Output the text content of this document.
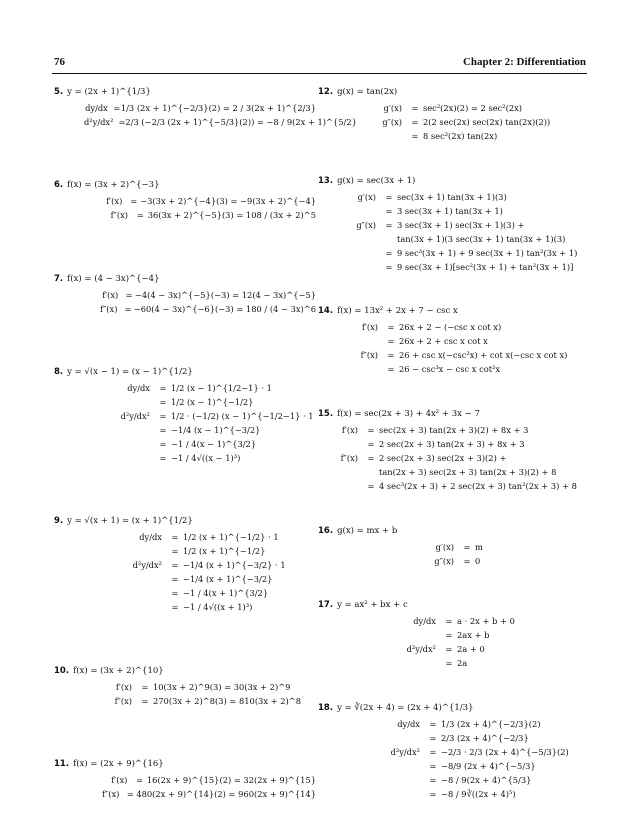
76	Chapter 2: Differentiation
5. y = (2x + 1)^{1/3}
dy/dx = 1/3 (2x + 1)^{−2/3}(2) = 2 / 3(2x + 1)^{2/3}
d²y/dx² = 2/3 (−2/3 (2x + 1)^{−5/3}(2)) = −8 / 9(2x + 1)^{5/2}
6. f(x) = (3x + 2)^{−3}
f′(x) = −3(3x + 2)^{−4}(3) = −9(3x + 2)^{−4}
f″(x)	= 36(3x + 2)^{−5}(3) = 108 / (3x + 2)^5
7. f(x) = (4 − 3x)^{−4}
f′(x) = −4(4 − 3x)^{−5}(−3) = 12(4 − 3x)^{−5}
f″(x) = −60(4 − 3x)^{−6}(−3) = 180 / (4 − 3x)^6
8. y = √(x − 1) = (x − 1)^{1/2}
dy/dx	= 1/2 (x − 1)^{1/2−1} · 1
= 1/2 (x − 1)^{−1/2}
d²y/dx²	= 1/2 · (−1/2) (x − 1)^{−1/2−1} · 1
= −1/4 (x − 1)^{−3/2}
= −1 / 4(x − 1)^{3/2}
= −1 / 4√((x − 1)³)
9. y = √(x + 1) = (x + 1)^{1/2}
dy/dx	= 1/2 (x + 1)^{−1/2} · 1
= 1/2 (x + 1)^{−1/2}
d²y/dx²	= −1/4 (x + 1)^{−3/2} · 1
= −1/4 (x + 1)^{−3/2}
= −1 / 4(x + 1)^{3/2}
= −1 / 4√((x + 1)³)
10. f(x) = (3x + 2)^{10}
f′(x)	= 10(3x + 2)^9(3) = 30(3x + 2)^9
f″(x)	= 270(3x + 2)^8(3) = 810(3x + 2)^8
11. f(x) = (2x + 9)^{16}
f′(x)	= 16(2x + 9)^{15}(2) = 32(2x + 9)^{15}
f″(x) = 480(2x + 9)^{14}(2) = 960(2x + 9)^{14}
12. g(x) = tan(2x)
g′(x)	= sec²(2x)(2) = 2 sec²(2x)
g″(x)	= 2(2 sec(2x) sec(2x) tan(2x)(2))
= 8 sec²(2x) tan(2x)
13. g(x) = sec(3x + 1)
g′(x)	= sec(3x + 1) tan(3x + 1)(3)
= 3 sec(3x + 1) tan(3x + 1)
g″(x)	= 3 sec(3x + 1) sec(3x + 1)(3) +
tan(3x + 1)(3 sec(3x + 1) tan(3x + 1)(3)
= 9 sec³(3x + 1) + 9 sec(3x + 1) tan²(3x + 1)
= 9 sec(3x + 1)[sec²(3x + 1) + tan²(3x + 1)]
14. f(x) = 13x² + 2x + 7 − csc x
f′(x)	= 26x + 2 − (−csc x cot x)
= 26x + 2 + csc x cot x
f″(x)	= 26 + csc x(−csc²x) + cot x(−csc x cot x)
= 26 − csc³x − csc x cot²x
15. f(x) = sec(2x + 3) + 4x² + 3x − 7
f′(x)	= sec(2x + 3) tan(2x + 3)(2) + 8x + 3
= 2 sec(2x + 3) tan(2x + 3) + 8x + 3
f″(x)	= 2 sec(2x + 3) sec(2x + 3)(2) +
tan(2x + 3) sec(2x + 3) tan(2x + 3)(2) + 8
= 4 sec³(2x + 3) + 2 sec(2x + 3) tan²(2x + 3) + 8
16. g(x) = mx + b
g′(x)	= m
g″(x)	= 0
17. y = ax² + bx + c
dy/dx	= a · 2x + b + 0
= 2ax + b
d²y/dx²	= 2a + 0
= 2a
18. y = ∛(2x + 4) = (2x + 4)^{1/3}
dy/dx	= 1/3 (2x + 4)^{−2/3}(2)
= 2/3 (2x + 4)^{−2/3}
d²y/dx²	= −2/3 · 2/3 (2x + 4)^{−5/3}(2)
= −8/9 (2x + 4)^{−5/3}
= −8 / 9(2x + 4)^{5/3}
= −8 / 9∛((2x + 4)⁵)
